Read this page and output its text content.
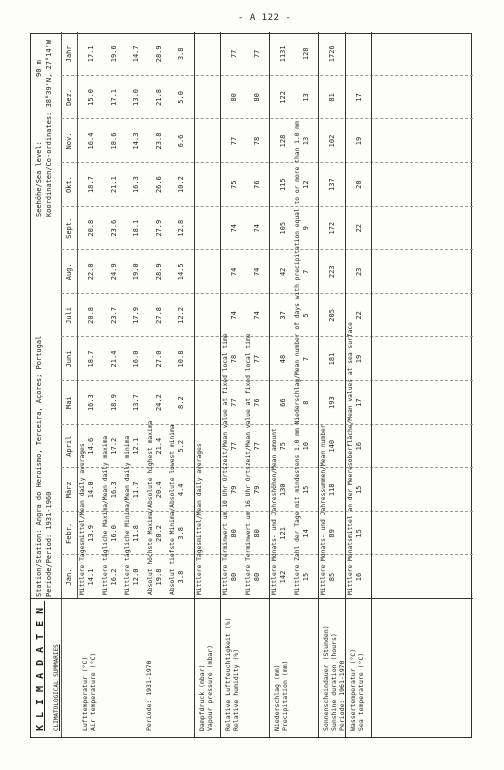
- A 122 -
KLIMADATEN CLIMATOLOGICAL SUMMARIES
Station/Station: Angra do Heroísmo, Terceira, Açores; Portugal Periode/Period: 1931-1960
Seehöhe/Sea level:
90 m Koordinaten/Co-ordinates: 38°39'N, 27°14'W
Jan.
Febr.
März
April
Mai
Juni
Juli
Aug.
Sept.
Okt.
Nov.
Dez.
Jahr
Mittlere Tagesmittel/Mean daily averages 14.1
13.9
14.0
14.6
16.3
18.7
20.8
22.0
20.8
18.7
16.4
15.0
17.1
Mittlere tägliche Maxima/Mean daily maxima 16.2
16.0
16.3
17.2
18.9
21.4
23.7
24.9
23.6
21.1
18.6
17.1
19.6
Mittlere tägliche Minima/Mean daily minima 12.0
11.8
11.7
12.1
13.7
16.0
17.9
19.0
18.1
16.3
14.3
13.0
14.7
Absolut höchste Maxima/Absolute highest maxima 19.8
20.2
20.4
21.4
24.2
27.0
27.8
28.9
27.9
26.6
23.8
21.8
28.9
Absolut tiefste Minima/Absolute lowest minima 3.8
3.8
4.4
5.2
8.2
10.8
12.2
14.5
12.8
10.2
6.6
5.0
3.8
Lufttemperatur (°C) Air temperature (°C)	Periode: 1931-1970
Mittlere Tagesmittel/Mean daily averages
Dampfdruck (mbar) Vapour pressure (mbar)
Mittlere Terminwert um 10 Uhr Ortszeit/Mean value at fixed local time 80
80
79
77
77
78
74
74
74
75
77
80
77
Mittlere Terminwert um 16 Uhr Ortszeit/Mean value at fixed local time 80
80
79
77
76
77
74
74
74
76
78
80
77
Relative Luftfeuchtigkeit (%) Relative humidity (%)
Mittlere Monats- und Jahreshöhen/Mean amount 142
121
130
75
66
48
37
42
105
115
128
122
1131
Mittlere Zahl der Tage mit mindestens 1.0 mm Niederschlag/Mean number of days with precipitation equal to or more than 1.0 mm 15
14
15
10
8
7
5
7
9
12
13
13
128
Niederschlag (mm) Precipitation (mm)
Mittlere Monats- und Jahressummen/Mean number 85
89
118
140
193
181
205
223
172
137
102
81
1726
Sonnenscheindauer (Stunden) Sunshine duration (hours) Periode: 1961-1970
Mittlere Monatsmittel an der Meeresoberfläche/Mean values at sea surface 16
15
15
16
17
19
22
23
22
20
19
17
Wassertemperatur (°C) Sea temperature (°C)
